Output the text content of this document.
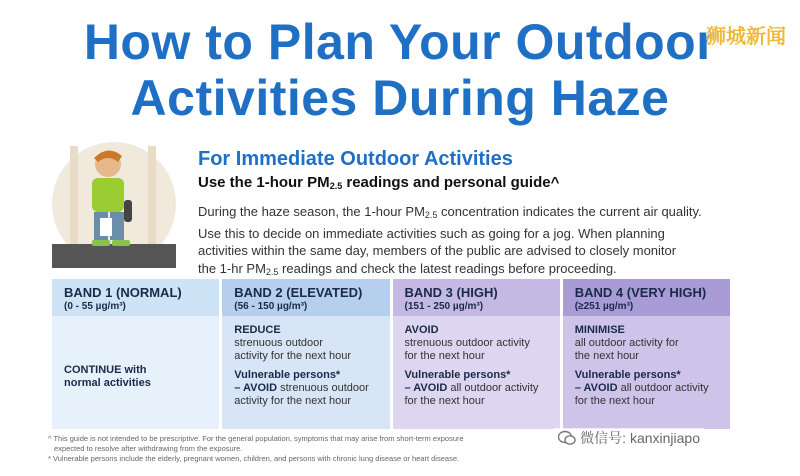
How to Plan Your Outdoor
Activities During Haze
狮城新闻
For Immediate Outdoor Activities
Use the 1-hour PM2.5 readings and personal guide^
During the haze season, the 1-hour PM2.5 concentration indicates the current air quality.
Use this to decide on immediate activities such as going for a jog. When planning
activities within the same day, members of the public are advised to closely monitor
the 1-hr PM2.5 readings and check the latest readings before proceeding.
BAND 1 (NORMAL)
(0 - 55 µg/m³)
CONTINUE with normal activities
BAND 2 (ELEVATED)
(56 - 150 µg/m³)
REDUCE
strenuous outdoor activity for the next hour
Vulnerable persons*
– AVOID strenuous outdoor activity for the next hour
BAND 3 (HIGH)
(151 - 250 µg/m³)
AVOID
strenuous outdoor activity for the next hour
Vulnerable persons*
– AVOID all outdoor activity for the next hour
BAND 4 (VERY HIGH)
(≥251 µg/m³)
MINIMISE
all outdoor activity for the next hour
Vulnerable persons*
– AVOID all outdoor activity for the next hour
^ This guide is not intended to be prescriptive. For the general population, symptoms that may arise from short-term exposure
expected to resolve after withdrawing from the exposure.
* Vulnerable persons include the elderly, pregnant women, children, and persons with chronic lung disease or heart disease.
微信号: kanxinjiapo
